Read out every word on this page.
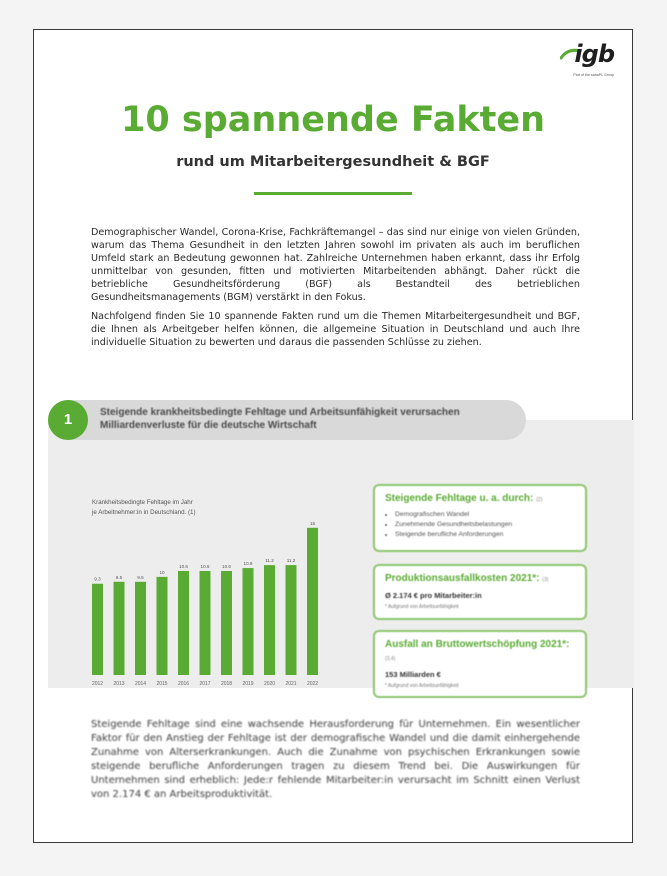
igb
Part of the sanaPL Group
10 spannende Fakten
rund um Mitarbeitergesundheit & BGF

Demographischer Wandel, Corona-Krise, Fachkräftemangel – das sind nur einige von vielen Gründen, warum das Thema Gesundheit in den letzten Jahren sowohl im privaten als auch im beruflichen Umfeld stark an Bedeutung gewonnen hat. Zahlreiche Unternehmen haben erkannt, dass ihr Erfolg unmittelbar von gesunden, fitten und motivierten Mitarbeitenden abhängt. Daher rückt die betriebliche Gesundheitsförderung (BGF) als Bestandteil des betrieblichen Gesundheitsmanagements (BGM) verstärkt in den Fokus.

Nachfolgend finden Sie 10 spannende Fakten rund um die Themen Mitarbeitergesundheit und BGF, die Ihnen als Arbeitgeber helfen können, die allgemeine Situation in Deutschland und auch Ihre individuelle Situation zu bewerten und daraus die passenden Schlüsse zu ziehen.

Krankheitsbedingte Fehltage im Jahr
je Arbeitnehmer:in in Deutschland. (1)
9.3
2012
9.5
2013
9.5
2014
10
2015
10.6
2016
10.6
2017
10.6
2018
10.9
2019
11.2
2020
11.2
2021
15
2022
Steigende Fehltage u. a. durch: (2)
• Demografischen Wandel
• Zunehmende Gesundheitsbelastungen
• Steigende berufliche Anforderungen
Produktionsausfallkosten 2021*: (3)
Ø 2.174 € pro Mitarbeiter:in
* Aufgrund von Arbeitsunfähigkeit
Ausfall an Bruttowertschöpfung 2021*: (3,4)
153 Milliarden €
* Aufgrund von Arbeitsunfähigkeit
1	Steigende krankheitsbedingte Fehltage und Arbeitsunfähigkeit verursachen Milliardenverluste für die deutsche Wirtschaft
Steigende Fehltage sind eine wachsende Herausforderung für Unternehmen. Ein wesentlicher Faktor für den Anstieg der Fehltage ist der demografische Wandel und die damit einhergehende Zunahme von Alterserkrankungen. Auch die Zunahme von psychischen Erkrankungen sowie steigende berufliche Anforderungen tragen zu diesem Trend bei. Die Auswirkungen für Unternehmen sind erheblich: Jede:r fehlende Mitarbeiter:in verursacht im Schnitt einen Verlust von 2.174 € an Arbeitsproduktivität.
